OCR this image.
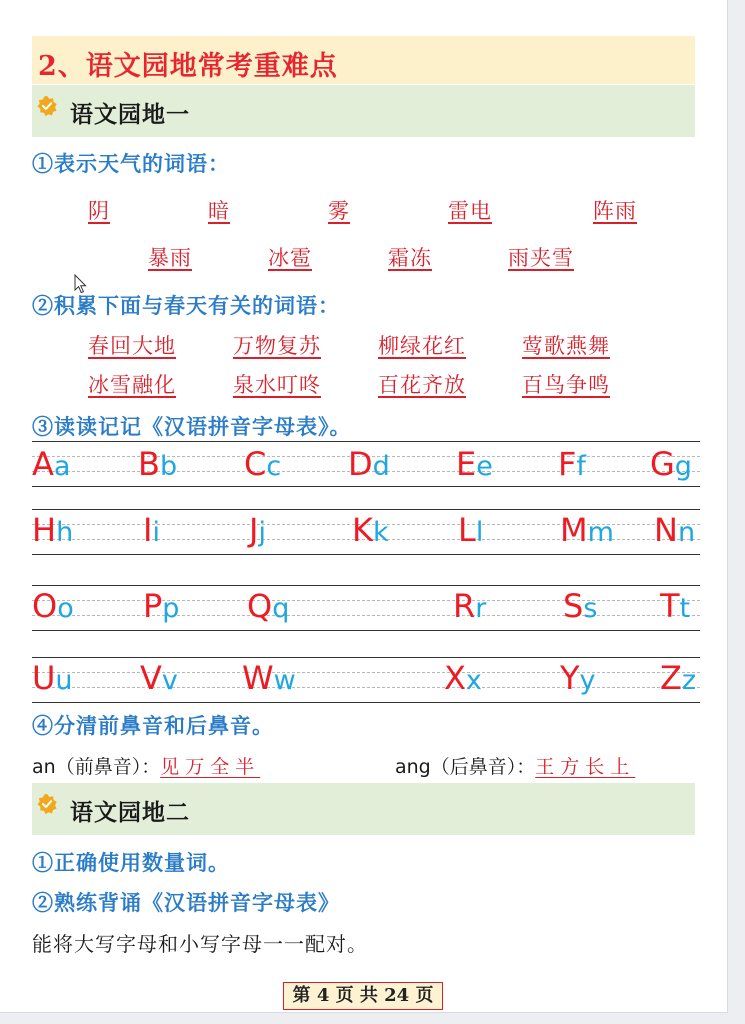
2、语文园地常考重难点
语文园地一
①表示天气的词语：
阴	暗	雾	雷电	阵雨
暴雨	冰雹	霜冻	雨夹雪
②积累下面与春天有关的词语：
春回大地	万物复苏	柳绿花红	莺歌燕舞
冰雪融化	泉水叮咚	百花齐放	百鸟争鸣
③读读记记《汉语拼音字母表》。
Aa Bb Cc Dd Ee Ff Gg
Hh Ii	Jj	Kk Ll Mm Nn
Oo Pp Qq	Rr Ss Tt
Uu Vv Ww	Xx Yy Zz
④分清前鼻音和后鼻音。
an（前鼻音）：见万全半	ang（后鼻音）：王方长上
语文园地二
①正确使用数量词。
②熟练背诵《汉语拼音字母表》
能将大写字母和小写字母一一配对。
第 4 页 共 24 页
